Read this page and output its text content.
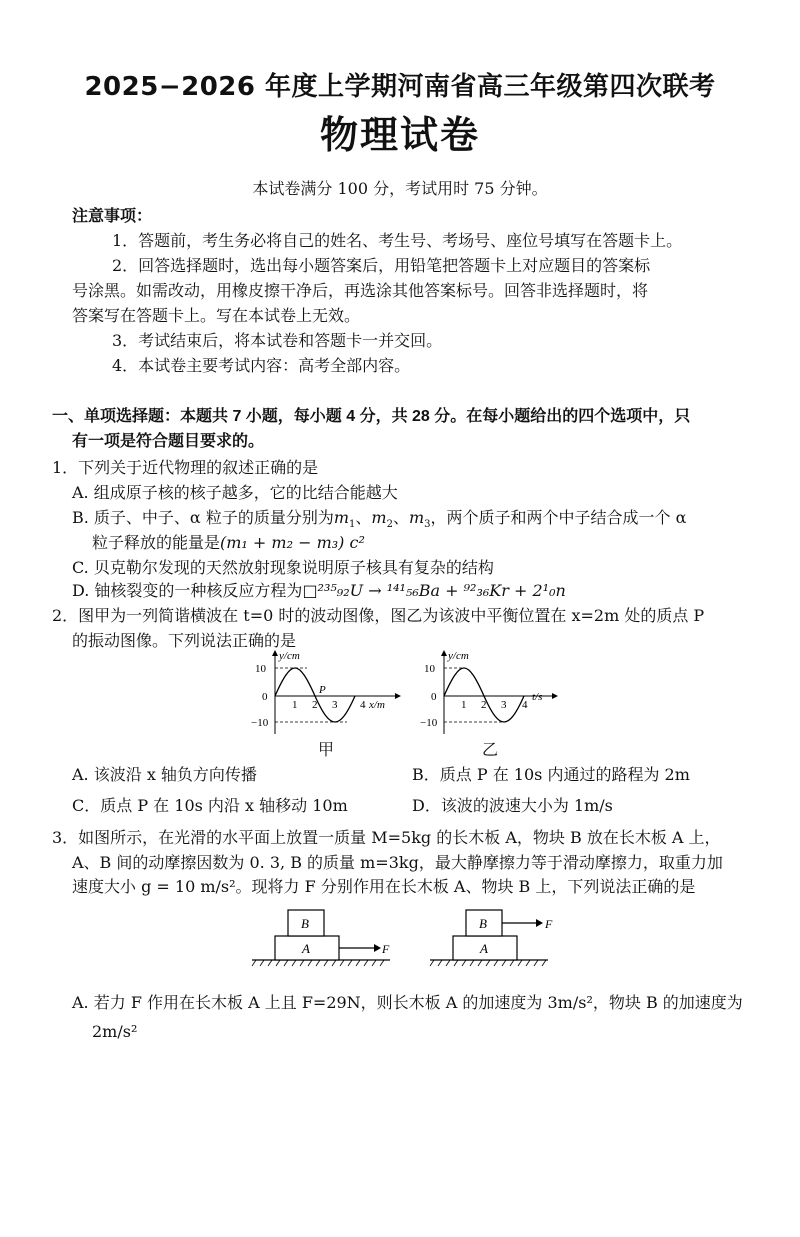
2025−2026 年度上学期河南省高三年级第四次联考
物理试卷
本试卷满分 100 分，考试用时 75 分钟。
注意事项：
1．答题前，考生务必将自己的姓名、考生号、考场号、座位号填写在答题卡上。
2．回答选择题时，选出每小题答案后，用铅笔把答题卡上对应题目的答案标
号涂黑。如需改动，用橡皮擦干净后，再选涂其他答案标号。回答非选择题时，将
答案写在答题卡上。写在本试卷上无效。
3．考试结束后，将本试卷和答题卡一并交回。
4．本试卷主要考试内容：高考全部内容。
一、单项选择题：本题共 7 小题，每小题 4 分，共 28 分。在每小题给出的四个选项中，只
有一项是符合题目要求的。
1．下列关于近代物理的叙述正确的是
A. 组成原子核的核子越多，它的比结合能越大
B. 质子、中子、α 粒子的质量分别为$m_1$、$m_2$、$m_3$，两个质子和两个中子结合成一个 α
粒子释放的能量是(m₁ + m₂ − m₃) c²
C. 贝克勒尔发现的天然放射现象说明原子核具有复杂的结构
D. 铀核裂变的一种核反应方程为□²³⁵₉₂U → ¹⁴¹₅₆Ba + ⁹²₃₆Kr + 2¹₀n
2．图甲为一列简谐横波在 t=0 时的波动图像，图乙为该波中平衡位置在 x=2m 处的质点 P
的振动图像。下列说法正确的是
y/cm
10
0
−10
1 2 3 4 x/m
P
甲
y/cm
10
0
−10
1 2 3 4
t/s
乙
A. 该波沿 x 轴负方向传播	B．质点 P 在 10s 内通过的路程为 2m
C．质点 P 在 10s 内沿 x 轴移动 10m	D．该波的波速大小为 1m/s
3．如图所示，在光滑的水平面上放置一质量 M=5kg 的长木板 A，物块 B 放在长木板 A 上，
A、B 间的动摩擦因数为 0. 3, B 的质量 m=3kg，最大静摩擦力等于滑动摩擦力，取重力加
速度大小 g = 10 m/s²。现将力 F 分别作用在长木板 A、物块 B 上，下列说法正确的是
A
B
F	A
B	F
A. 若力 F 作用在长木板 A 上且 F=29N，则长木板 A 的加速度为 3m/s²，物块 B 的加速度为
2m/s²
